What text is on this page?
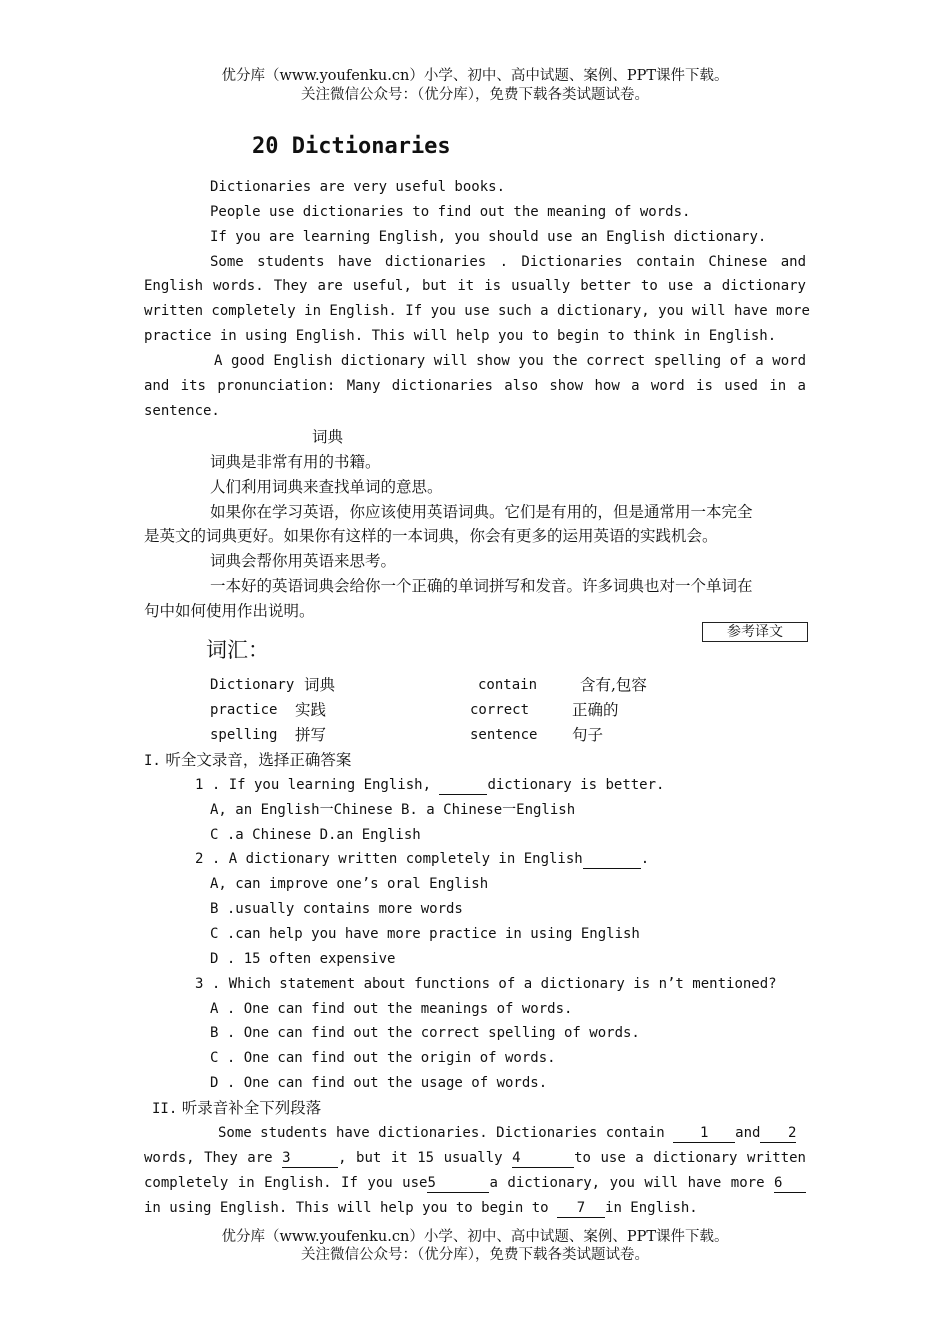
优分库（www.youfenku.cn）小学、初中、高中试题、案例、PPT课件下载。
关注微信公众号：（优分库），免费下载各类试题试卷。
20 Dictionaries
Dictionaries are very useful books.
People use dictionaries to find out the meaning of words.
If you are learning English, you should use an English dictionary.
Some students have dictionaries . Dictionaries contain Chinese and
English words. They are useful, but it is usually better to use a dictionary
written completely in English. If you use such a dictionary, you will have more
practice in using English. This will help you to begin to think in English.
A good English dictionary will show you the correct spelling of a word
and its pronunciation: Many dictionaries also show how a word is used in a
sentence.
词典
词典是非常有用的书籍。
人们利用词典来查找单词的意思。
如果你在学习英语，你应该使用英语词典。它们是有用的，但是通常用一本完全
是英文的词典更好。如果你有这样的一本词典，你会有更多的运用英语的实践机会。
词典会帮你用英语来思考。
一本好的英语词典会给你一个正确的单词拼写和发音。许多词典也对一个单词在
句中如何使用作出说明。
参考译文
词汇：
Dictionary 词典	contain	含有,包容
practice 实践	correct	正确的
spelling 拼写	sentence 句子
I. 听全文录音，选择正确答案
1 . If you learning English,	dictionary is better.
A, an English一Chinese B. a Chinese一English
C .a Chinese D.an English
2 . A dictionary written completely in English	.
A, can improve one’s oral English
B .usually contains more words
C .can help you have more practice in using English
D . 15 often expensive
3 . Which statement about functions of a dictionary is n’t mentioned?
A . One can find out the meanings of words.
B . One can find out the correct spelling of words.
C . One can find out the origin of words.
D . One can find out the usage of words.
II. 听录音补全下列段落
Some students have dictionaries. Dictionaries contain	1 and 2
words, They are 3	, but it 15 usually 4	to use a dictionary written
completely in English. If you use5	a dictionary, you will have more 6
in using English. This will help you to begin to 7 in English.
优分库（www.youfenku.cn）小学、初中、高中试题、案例、PPT课件下载。
关注微信公众号：（优分库），免费下载各类试题试卷。
